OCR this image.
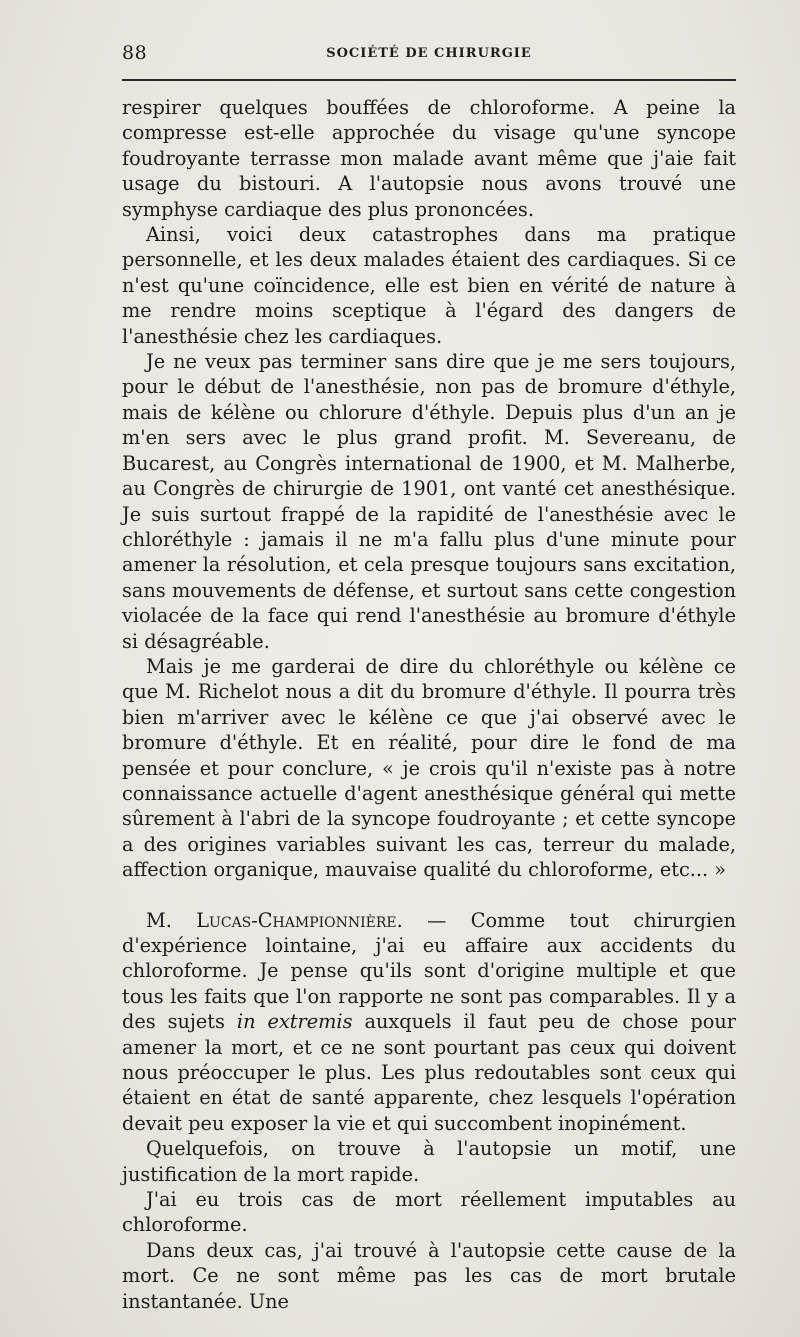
88	SOCIÉTÉ DE CHIRURGIE

respirer quelques bouffées de chloroforme. A peine la compresse est-elle approchée du visage qu'une syncope foudroyante terrasse mon malade avant même que j'aie fait usage du bistouri. A l'autopsie nous avons trouvé une symphyse cardiaque des plus prononcées.

Ainsi, voici deux catastrophes dans ma pratique personnelle, et les deux malades étaient des cardiaques. Si ce n'est qu'une coïncidence, elle est bien en vérité de nature à me rendre moins sceptique à l'égard des dangers de l'anesthésie chez les cardiaques.

Je ne veux pas terminer sans dire que je me sers toujours, pour le début de l'anesthésie, non pas de bromure d'éthyle, mais de kélène ou chlorure d'éthyle. Depuis plus d'un an je m'en sers avec le plus grand profit. M. Severeanu, de Bucarest, au Congrès international de 1900, et M. Malherbe, au Congrès de chirurgie de 1901, ont vanté cet anesthésique. Je suis surtout frappé de la rapidité de l'anesthésie avec le chloréthyle : jamais il ne m'a fallu plus d'une minute pour amener la résolution, et cela presque toujours sans excitation, sans mouvements de défense, et surtout sans cette congestion violacée de la face qui rend l'anesthésie au bromure d'éthyle si désagréable.

Mais je me garderai de dire du chloréthyle ou kélène ce que M. Richelot nous a dit du bromure d'éthyle. Il pourra très bien m'arriver avec le kélène ce que j'ai observé avec le bromure d'éthyle. Et en réalité, pour dire le fond de ma pensée et pour conclure, « je crois qu'il n'existe pas à notre connaissance actuelle d'agent anesthésique général qui mette sûrement à l'abri de la syncope foudroyante ; et cette syncope a des origines variables suivant les cas, terreur du malade, affection organique, mauvaise qualité du chloroforme, etc... »

M. Lucas-Championnière. — Comme tout chirurgien d'expérience lointaine, j'ai eu affaire aux accidents du chloroforme. Je pense qu'ils sont d'origine multiple et que tous les faits que l'on rapporte ne sont pas comparables. Il y a des sujets in extremis auxquels il faut peu de chose pour amener la mort, et ce ne sont pourtant pas ceux qui doivent nous préoccuper le plus. Les plus redoutables sont ceux qui étaient en état de santé apparente, chez lesquels l'opération devait peu exposer la vie et qui succombent inopinément.

Quelquefois, on trouve à l'autopsie un motif, une justification de la mort rapide.

J'ai eu trois cas de mort réellement imputables au chloroforme.

Dans deux cas, j'ai trouvé à l'autopsie cette cause de la mort. Ce ne sont même pas les cas de mort brutale instantanée. Une
